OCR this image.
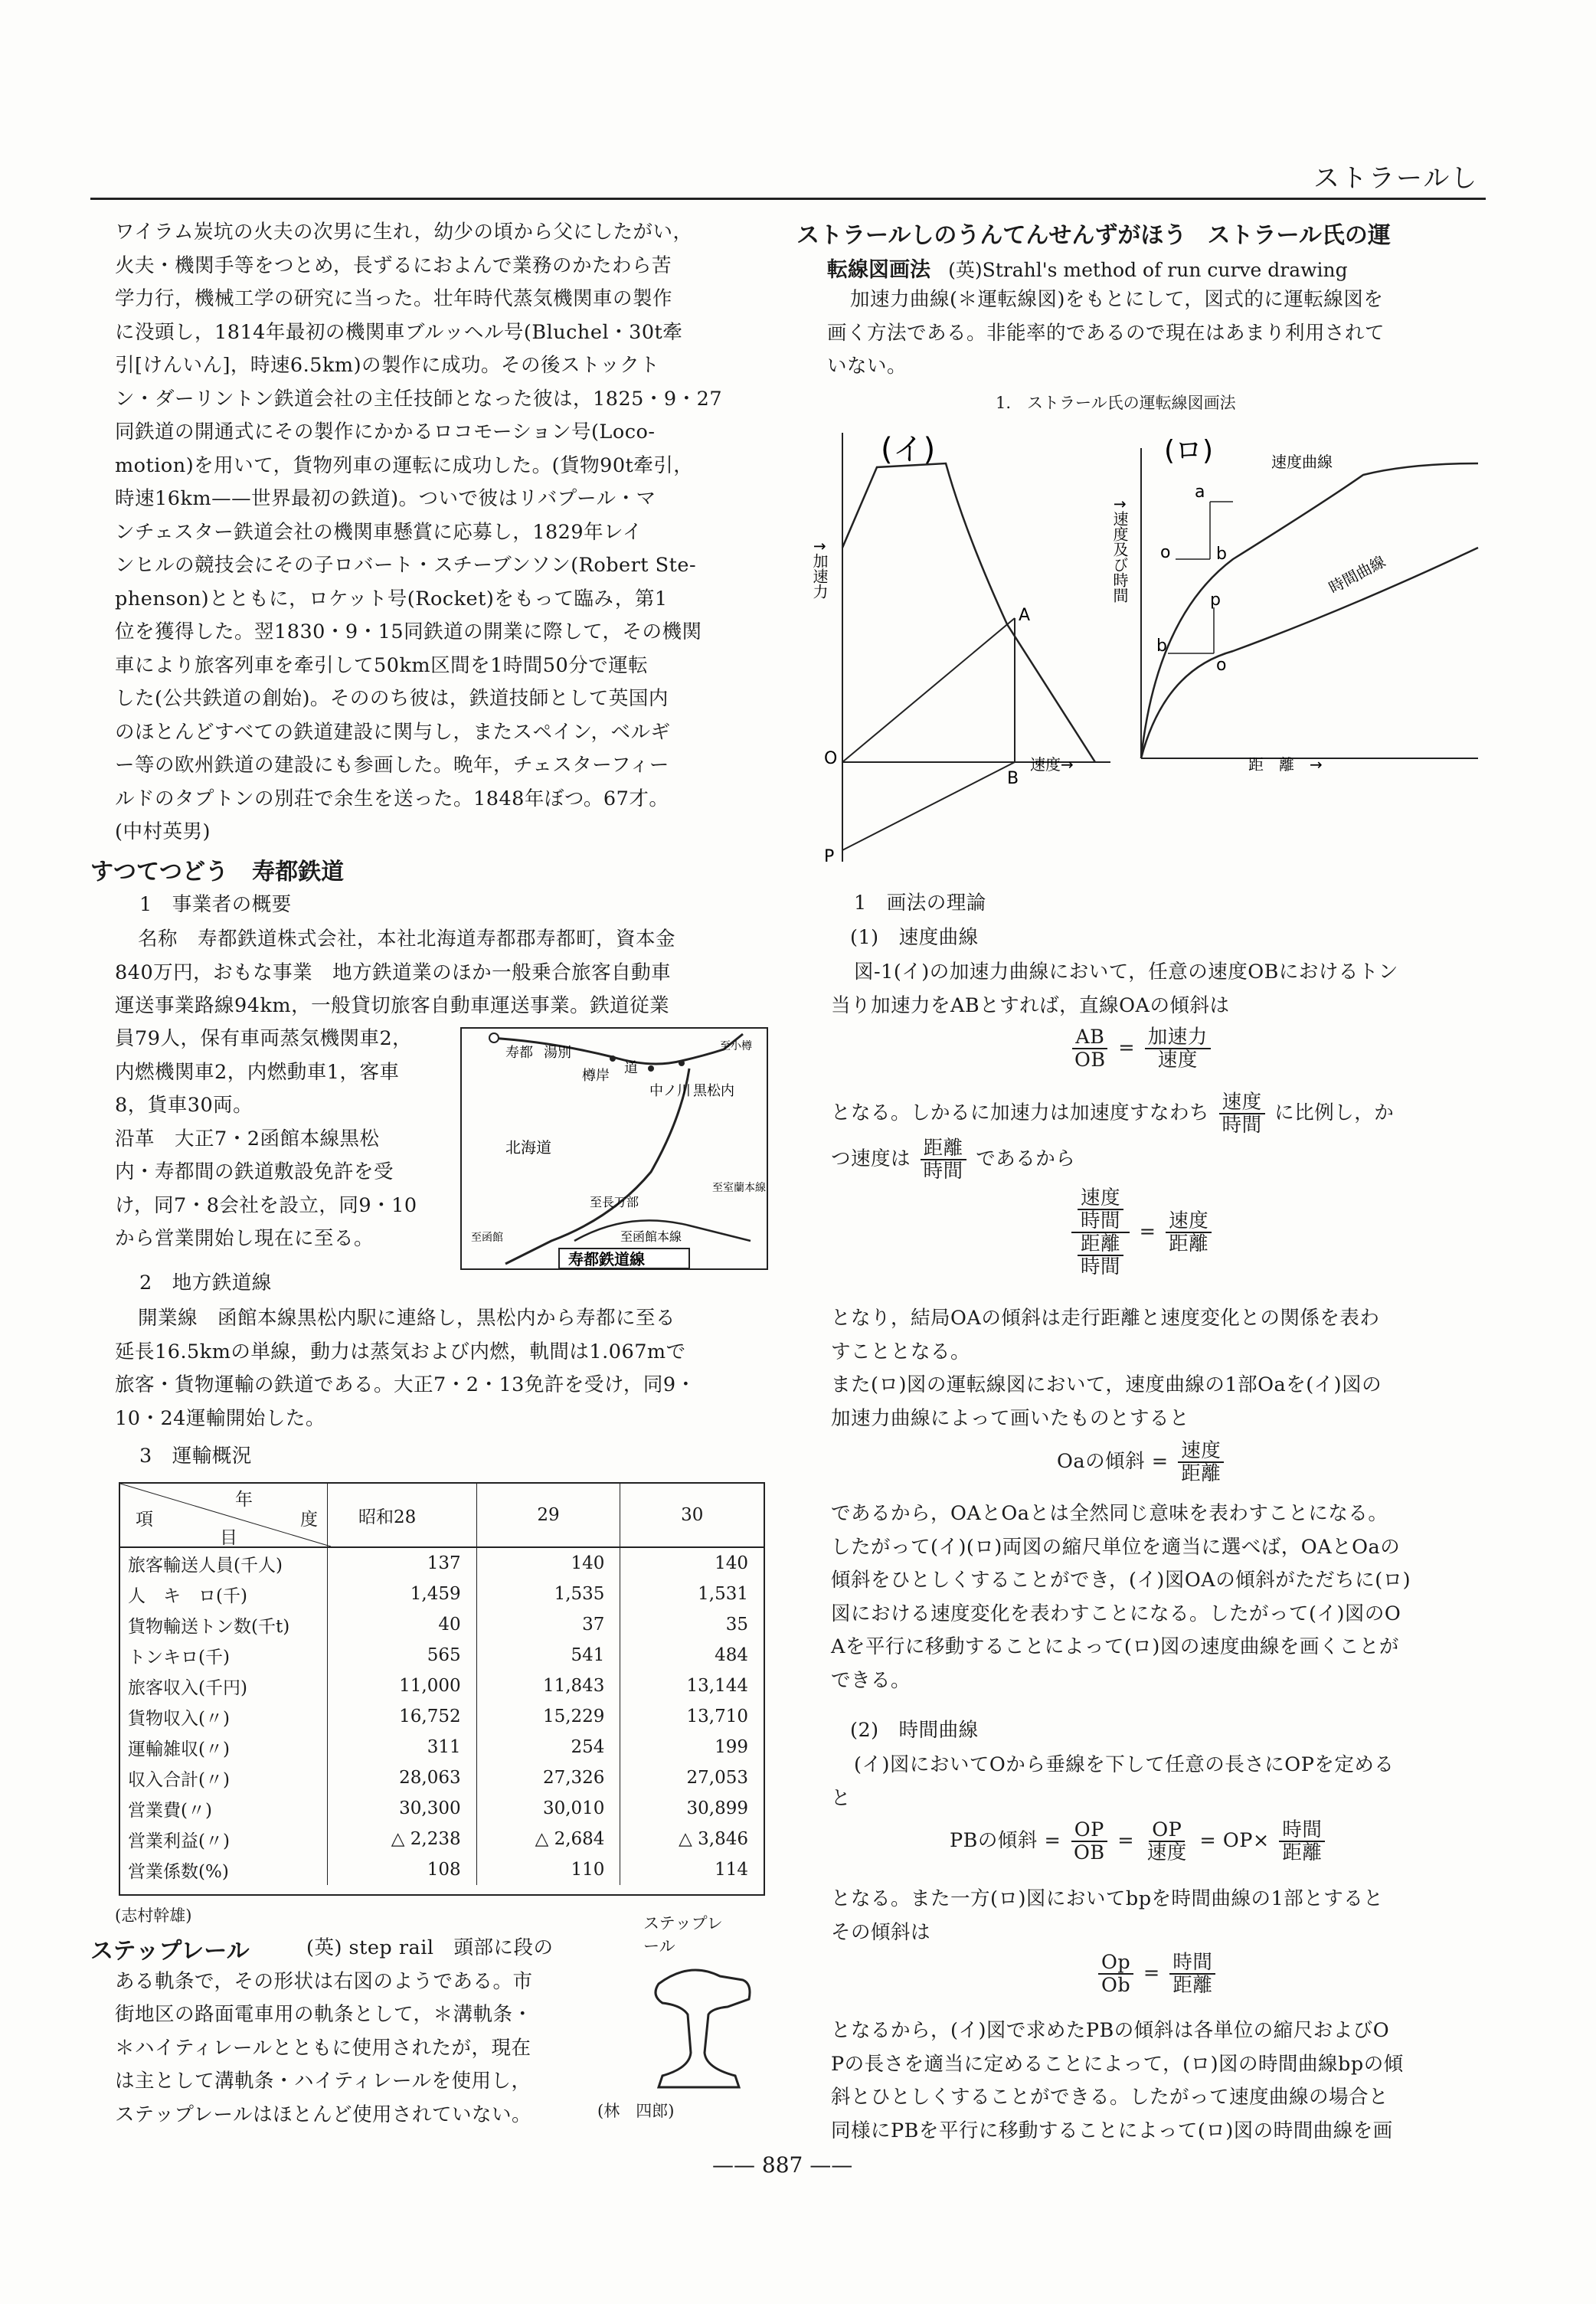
ストラールし

ワイラム炭坑の火夫の次男に生れ，幼少の頃から父にしたがい，

火夫・機関手等をつとめ，長ずるにおよんで業務のかたわら苦

学力行，機械工学の研究に当った。壮年時代蒸気機関車の製作

に没頭し，1814年最初の機関車ブルッヘル号(Bluchel・30t牽

引[けんいん]，時速6.5km)の製作に成功。その後ストックト

ン・ダーリントン鉄道会社の主任技師となった彼は，1825・9・27

同鉄道の開通式にその製作にかかるロコモーション号(Loco-

motion)を用いて，貨物列車の運転に成功した。(貨物90t牽引，

時速16km——世界最初の鉄道)。ついで彼はリバプール・マ

ンチェスター鉄道会社の機関車懸賞に応募し，1829年レイ

ンヒルの競技会にその子ロバート・スチーブンソン(Robert Ste-

phenson)とともに，ロケット号(Rocket)をもって臨み，第1

位を獲得した。翌1830・9・15同鉄道の開業に際して，その機関

車により旅客列車を牽引して50km区間を1時間50分で運転

した(公共鉄道の創始)。そののち彼は，鉄道技師として英国内

のほとんどすべての鉄道建設に関与し，またスペイン，ベルギ

ー等の欧州鉄道の建設にも参画した。晩年，チェスターフィー

ルドのタプトンの別荘で余生を送った。1848年ぼつ。67才。

(中村英男)
すつてつどう 寿都鉄道
1　事業者の概要

名称　寿都鉄道株式会社，本社北海道寿都郡寿都町，資本金

840万円，おもな事業　地方鉄道業のほか一般乗合旅客自動車

運送事業路線94km，一般貸切旅客自動車運送事業。鉄道従業

員79人，保有車両蒸気機関車2，

内燃機関車2，内燃動車1，客車

8，貨車30両。

沿革　大正7・2函館本線黒松

内・寿都間の鉄道敷設免許を受

け，同7・8会社を設立，同9・10

から営業開始し現在に至る。

寿都 湯別
樽岸 道
中ノ川 黒松内
至小樽
北海道
至長万部
至函館本線
至函館
至室蘭本線
寿都鉄道線
2　地方鉄道線

開業線　函館本線黒松内駅に連絡し，黒松内から寿都に至る

延長16.5kmの単線，動力は蒸気および内燃，軌間は1.067mで

旅客・貨物運輸の鉄道である。大正7・2・13免許を受け，同9・

10・24運輸開始した。

3　運輸概況
年
項 度
目	昭和28	29	30
旅客輸送人員(千人)	137	140	140
人　キ　ロ(千)	1,459	1,535	1,531
貨物輸送トン数(千t)	40	37	35
トンキロ(千)	565	541	484
旅客収入(千円)	11,000	11,843	13,144
貨物収入(〃)	16,752	15,229	13,710
運輸雑収(〃)	311	254	199
収入合計(〃)	28,063	27,326	27,053
営業費(〃)	30,300	30,010	30,899
営業利益(〃)	△ 2,238	△ 2,684	△ 3,846
営業係数(%)	108	110	114
(志村幹雄)
ステップレール	(英) step rail　頭部に段の

ある軌条で，その形状は右図のようである。市

街地区の路面電車用の軌条として，＊溝軌条・

＊ハイティレールとともに使用されたが，現在

は主として溝軌条・ハイティレールを使用し，

ステップレールはほとんど使用されていない。	(林　四郎)
ステップレ
ール
ストラールしのうんてんせんずがほう ストラール氏の運
転線図画法 (英)Strahl's method of run curve drawing

加速力曲線(＊運転線図)をもとにして，図式的に運転線図を

画く方法である。非能率的であるので現在はあまり利用されて

いない。

1.　ストラール氏の運転線図画法
(イ)
A
B
O
P
速度→
↑加速力
(ロ)	速度曲線
時間曲線
a
o	b
p
b
o
距　離　→
↑速度及び時間
1　画法の理論
(1)　速度曲線

図-1(イ)の加速力曲線において，任意の速度OBにおけるトン

当り加速力をABとすれば，直線OAの傾斜は

$\frac{AB}{OB} = \frac{\text{加速力}}{\text{速度}}$
となる。しかるに加速力は加速度すなわち $\frac{\text{速度}}{\text{時間}}$ に比例し，か
つ速度は $\frac{\text{距離}}{\text{時間}}$ であるから
$\frac{\frac{\text{速度}}{\text{時間}}}{\frac{\text{距離}}{\text{時間}}} = \frac{\text{速度}}{\text{距離}}$

となり，結局OAの傾斜は走行距離と速度変化との関係を表わ

すこととなる。

また(ロ)図の運転線図において，速度曲線の1部Oaを(イ)図の

加速力曲線によって画いたものとすると

Oaの傾斜 = $\frac{\text{速度}}{\text{距離}}$

であるから，OAとOaとは全然同じ意味を表わすことになる。

したがって(イ)(ロ)両図の縮尺単位を適当に選べば，OAとOaの

傾斜をひとしくすることができ，(イ)図OAの傾斜がただちに(ロ)

図における速度変化を表わすことになる。したがって(イ)図のO

Aを平行に移動することによって(ロ)図の速度曲線を画くことが

できる。

(2)　時間曲線

(イ)図においてOから垂線を下して任意の長さにOPを定める

と

PBの傾斜 = $\frac{OP}{OB} = \frac{OP}{\text{速度}} = OP\times \frac{\text{時間}}{\text{距離}}$

となる。また一方(ロ)図においてbpを時間曲線の1部とすると

その傾斜は

$\frac{Op}{Ob} = \frac{\text{時間}}{\text{距離}}$

となるから，(イ)図で求めたPBの傾斜は各単位の縮尺およびO

Pの長さを適当に定めることによって，(ロ)図の時間曲線bpの傾

斜とひとしくすることができる。したがって速度曲線の場合と

同様にPBを平行に移動することによって(ロ)図の時間曲線を画

—— 887 ——
